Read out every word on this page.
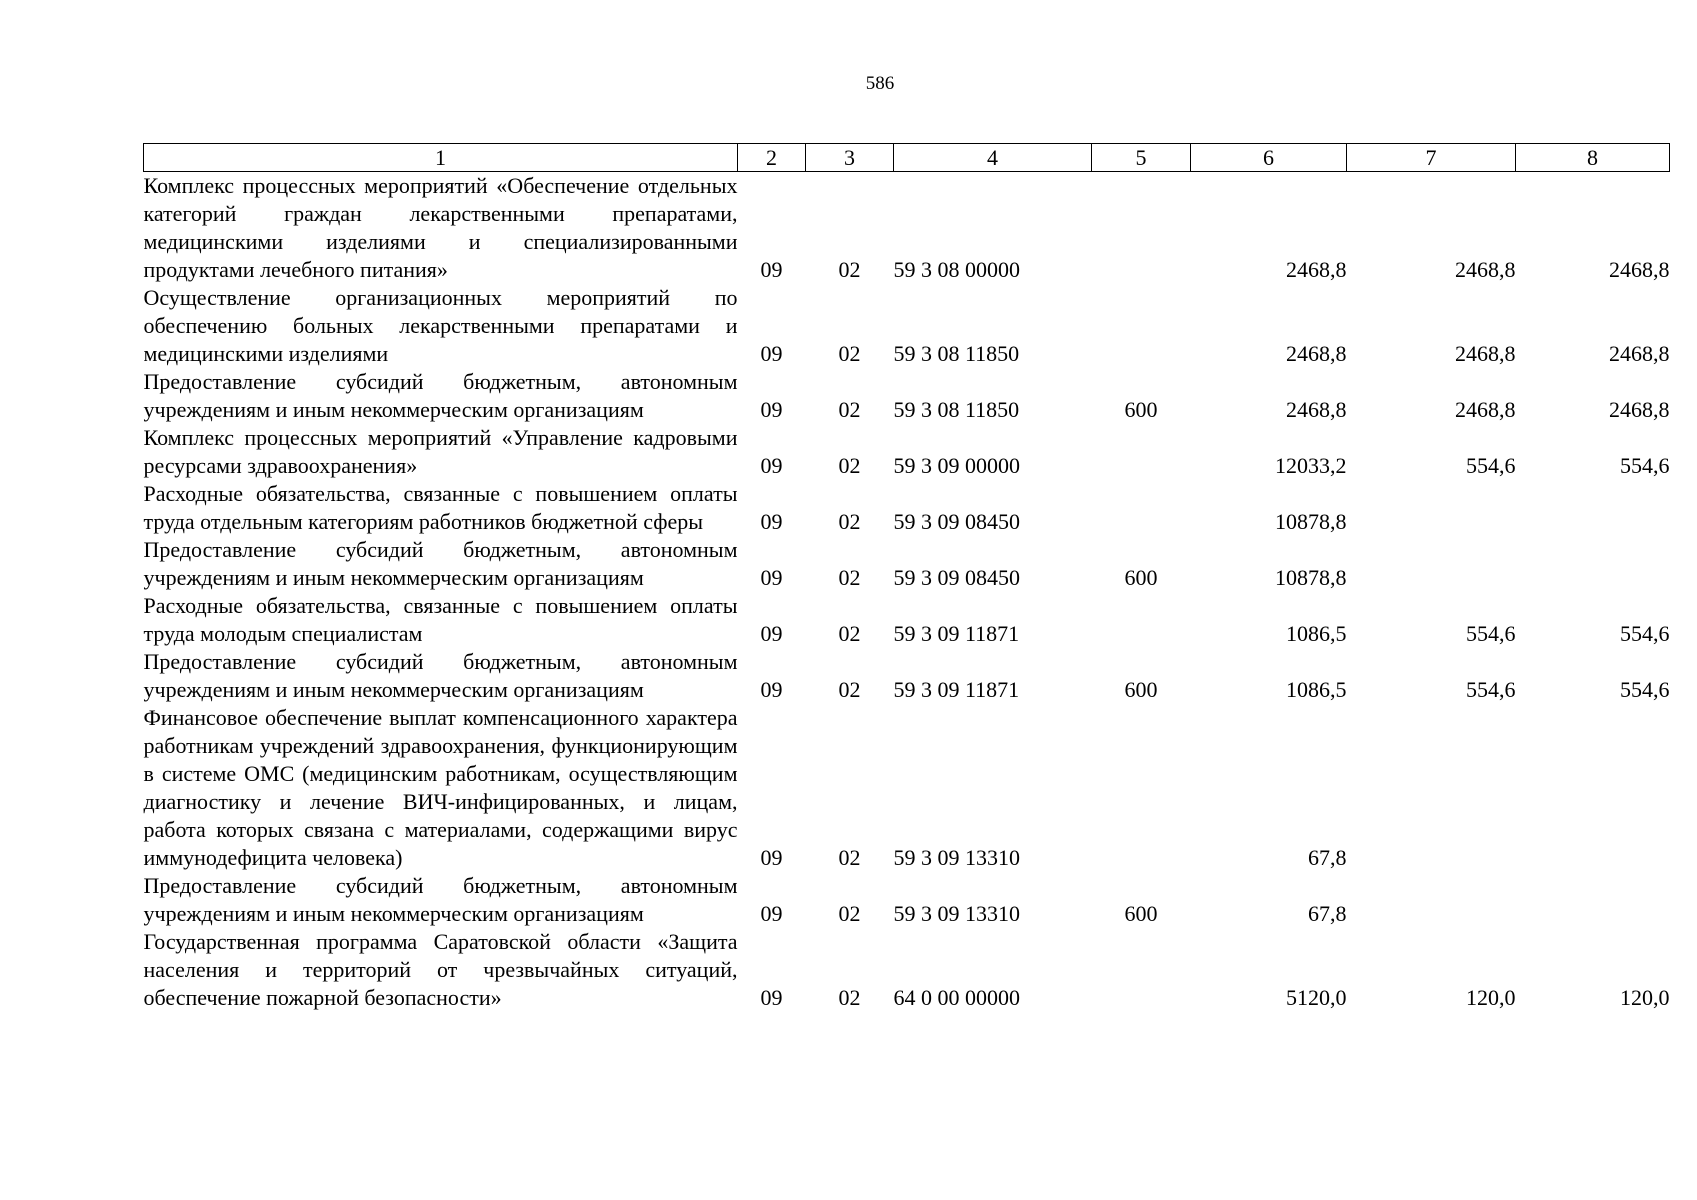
586
1	2	3	4	5	6	7	8
Комплекс процессных мероприятий «Обеспечение отдельных категорий граждан лекарственными препаратами, медицинскими изделиями и специализированными продуктами лечебного питания»	09	02	59 3 08 00000		2468,8	2468,8	2468,8
Осуществление организационных мероприятий по обеспечению больных лекарственными препаратами и медицинскими изделиями	09	02	59 3 08 11850		2468,8	2468,8	2468,8
Предоставление субсидий бюджетным, автономным учреждениям и иным некоммерческим организациям	09	02	59 3 08 11850	600	2468,8	2468,8	2468,8
Комплекс процессных мероприятий «Управление кадровыми ресурсами здравоохранения»	09	02	59 3 09 00000		12033,2	554,6	554,6
Расходные обязательства, связанные с повышением оплаты труда отдельным категориям работников бюджетной сферы	09	02	59 3 09 08450		10878,8		
Предоставление субсидий бюджетным, автономным учреждениям и иным некоммерческим организациям	09	02	59 3 09 08450	600	10878,8		
Расходные обязательства, связанные с повышением оплаты труда молодым специалистам	09	02	59 3 09 11871		1086,5	554,6	554,6
Предоставление субсидий бюджетным, автономным учреждениям и иным некоммерческим организациям	09	02	59 3 09 11871	600	1086,5	554,6	554,6
Финансовое обеспечение выплат компенсационного характера работникам учреждений здравоохранения, функционирующим в системе ОМС (медицинским работникам, осуществляющим диагностику и лечение ВИЧ-инфицированных, и лицам, работа которых связана с материалами, содержащими вирус иммунодефицита человека)	09	02	59 3 09 13310		67,8		
Предоставление субсидий бюджетным, автономным учреждениям и иным некоммерческим организациям	09	02	59 3 09 13310	600	67,8		
Государственная программа Саратовской области «Защита населения и территорий от чрезвычайных ситуаций, обеспечение пожарной безопасности»	09	02	64 0 00 00000		5120,0	120,0	120,0
